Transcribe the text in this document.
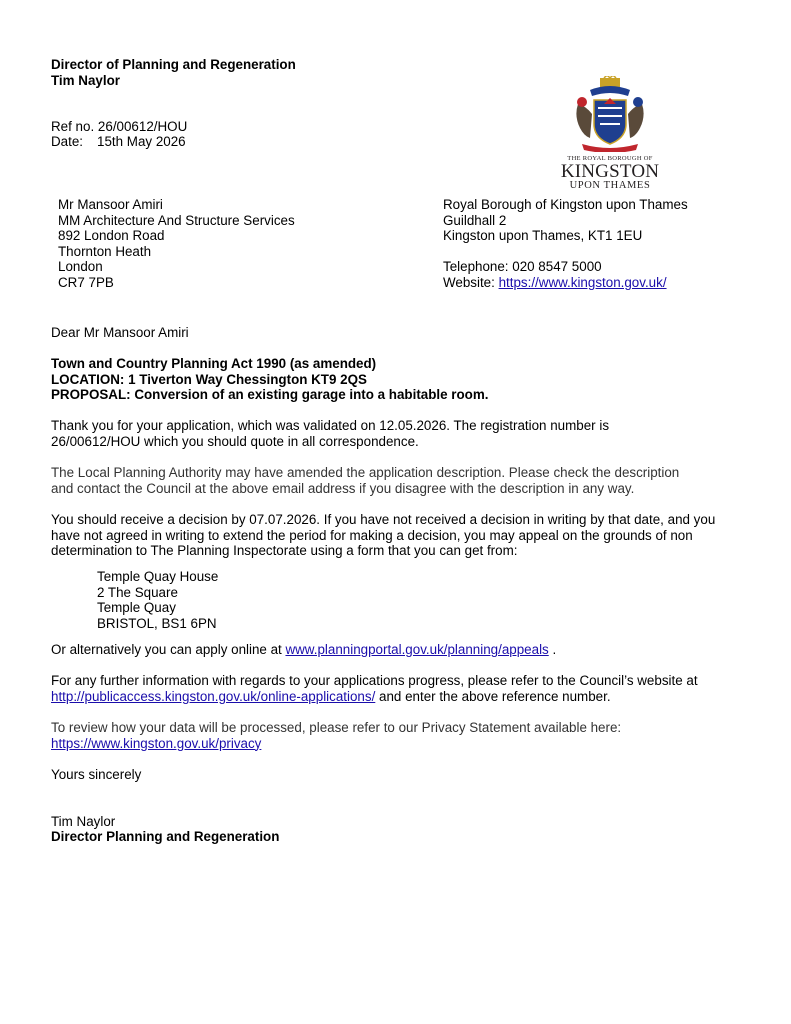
Director of Planning and Regeneration
Tim Naylor
Ref no. 26/00612/HOU
Date: 15th May 2026
THE ROYAL BOROUGH OF
KINGSTON
UPON THAMES
Mr Mansoor Amiri
MM Architecture And Structure Services
892 London Road
Thornton Heath
London
CR7 7PB
Royal Borough of Kingston upon Thames
Guildhall 2
Kingston upon Thames, KT1 1EU
Telephone: 020 8547 5000
Website: https://www.kingston.gov.uk/
Dear Mr Mansoor Amiri
Town and Country Planning Act 1990 (as amended)
LOCATION: 1 Tiverton Way Chessington KT9 2QS
PROPOSAL: Conversion of an existing garage into a habitable room.
Thank you for your application, which was validated on 12.05.2026. The registration number is
26/00612/HOU which you should quote in all correspondence.
The Local Planning Authority may have amended the application description. Please check the description
and contact the Council at the above email address if you disagree with the description in any way.
You should receive a decision by 07.07.2026. If you have not received a decision in writing by that date, and you
have not agreed in writing to extend the period for making a decision, you may appeal on the grounds of non
determination to The Planning Inspectorate using a form that you can get from:
Temple Quay House
2 The Square
Temple Quay
BRISTOL, BS1 6PN
Or alternatively you can apply online at www.planningportal.gov.uk/planning/appeals .
For any further information with regards to your applications progress, please refer to the Council’s website at
http://publicaccess.kingston.gov.uk/online-applications/ and enter the above reference number.
To review how your data will be processed, please refer to our Privacy Statement available here:
https://www.kingston.gov.uk/privacy
Yours sincerely
Tim Naylor
Director Planning and Regeneration
